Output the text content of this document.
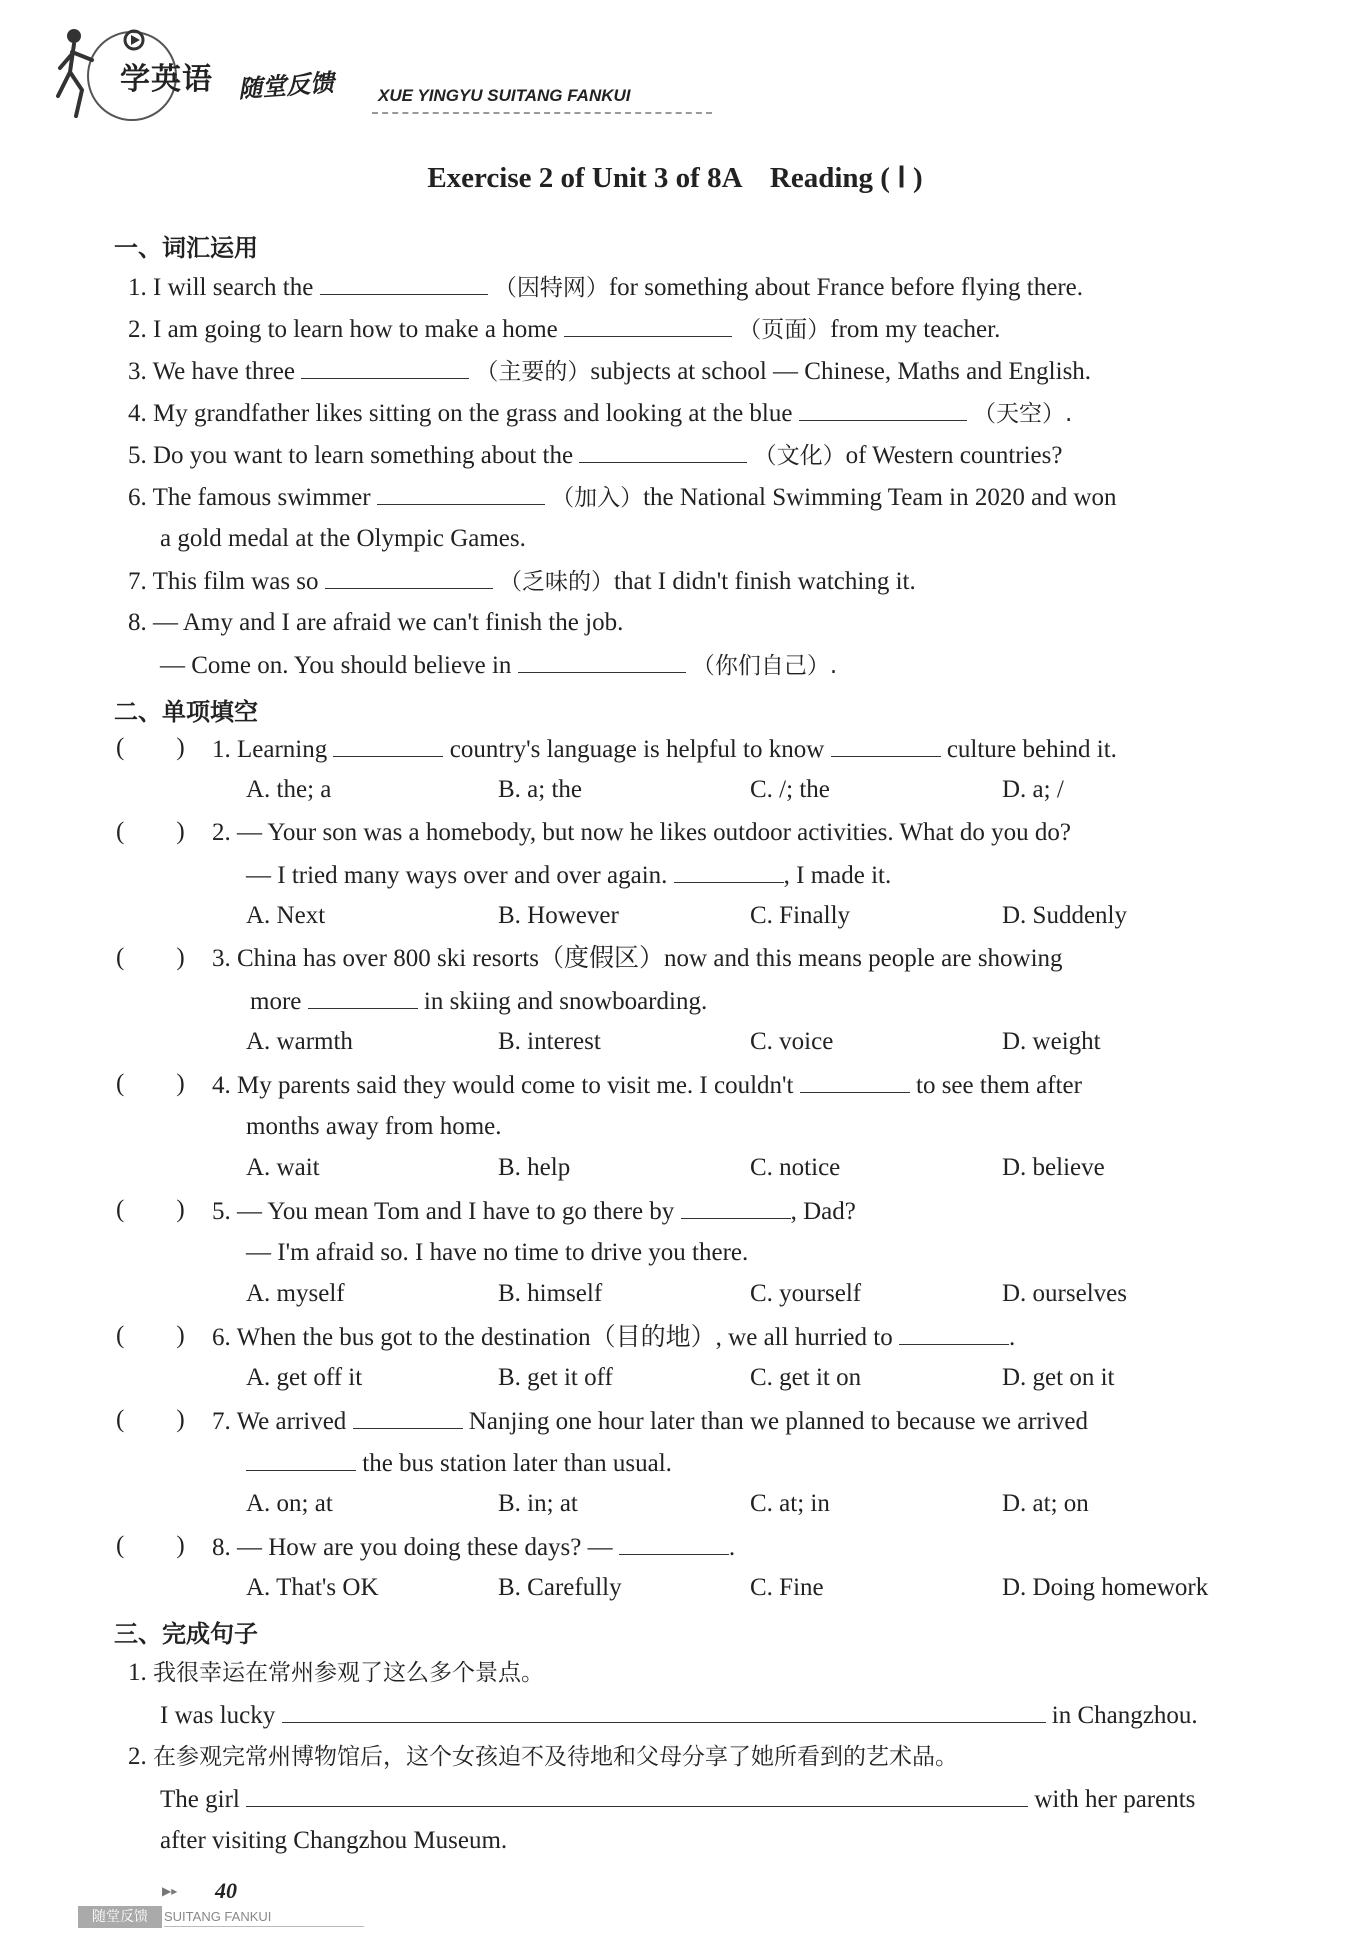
学英语 随堂反馈	XUE YINGYU SUITANG FANKUI
Exercise 2 of Unit 3 of 8A    Reading ( Ⅰ )
一、词汇运用
1. I will search the	（因特网）for something about France before flying there.
2. I am going to learn how to make a home	（页面）from my teacher.
3. We have three	（主要的）subjects at school — Chinese, Maths and English.
4. My grandfather likes sitting on the grass and looking at the blue	（天空）.
5. Do you want to learn something about the	（文化）of Western countries?
6. The famous swimmer	（加入）the National Swimming Team in 2020 and won
a gold medal at the Olympic Games.
7. This film was so	（乏味的）that I didn't finish watching it.
8. — Amy and I are afraid we can't finish the job.
— Come on. You should believe in	（你们自己）.
二、单项填空
( ) 1. Learning	country's language is helpful to know	culture behind it.
A. the; a	B. a; the	C. /; the	D. a; /
( ) 2. — Your son was a homebody, but now he likes outdoor activities. What do you do?
— I tried many ways over and over again.	, I made it.
A. Next	B. However	C. Finally	D. Suddenly
( ) 3. China has over 800 ski resorts（度假区）now and this means people are showing
more	in skiing and snowboarding.
A. warmth	B. interest	C. voice	D. weight
( ) 4. My parents said they would come to visit me. I couldn't	to see them after
months away from home.
A. wait	B. help	C. notice	D. believe
( ) 5. — You mean Tom and I have to go there by	, Dad?
— I'm afraid so. I have no time to drive you there.
A. myself	B. himself	C. yourself	D. ourselves
( ) 6. When the bus got to the destination（目的地）, we all hurried to	.
A. get off it	B. get it off	C. get it on	D. get on it
( ) 7. We arrived	Nanjing one hour later than we planned to because we arrived
the bus station later than usual.
A. on; at	B. in; at	C. at; in	D. at; on
( ) 8. — How are you doing these days? —	.
A. That's OK	B. Carefully	C. Fine	D. Doing homework
三、完成句子
1. 我很幸运在常州参观了这么多个景点。
I was lucky	in Changzhou.
2. 在参观完常州博物馆后，这个女孩迫不及待地和父母分享了她所看到的艺术品。
The girl	with her parents
after visiting Changzhou Museum.
▶▸ 40
随堂反馈	SUITANG FANKUI
